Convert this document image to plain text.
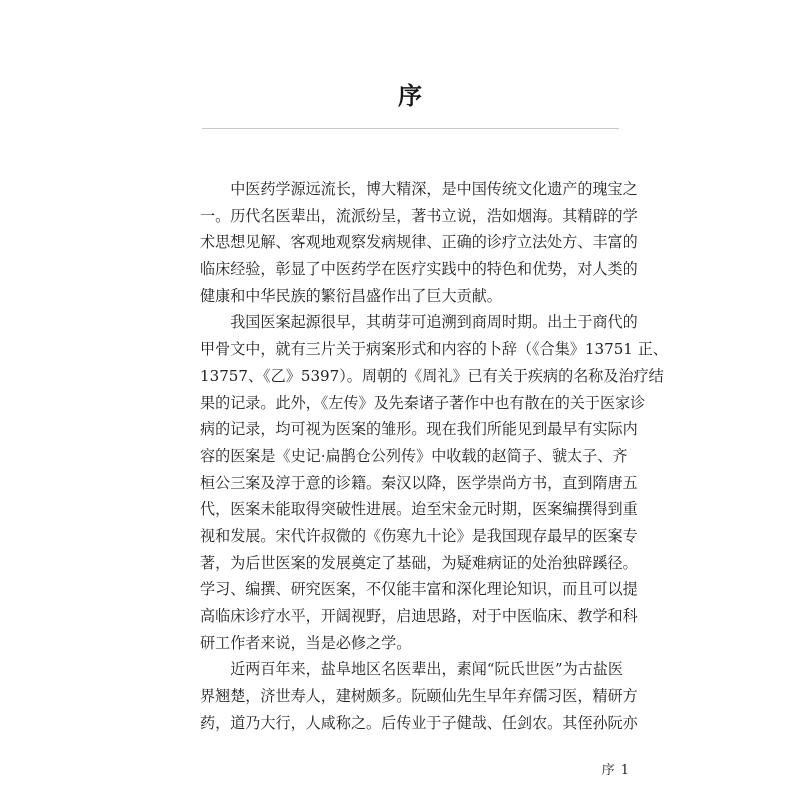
序
　　中医药学源远流长，博大精深，是中国传统文化遗产的瑰宝之
一。历代名医辈出，流派纷呈，著书立说，浩如烟海。其精辟的学
术思想见解、客观地观察发病规律、正确的诊疗立法处方、丰富的
临床经验，彰显了中医药学在医疗实践中的特色和优势，对人类的
健康和中华民族的繁衍昌盛作出了巨大贡献。
　　我国医案起源很早，其萌芽可追溯到商周时期。出土于商代的
甲骨文中，就有三片关于病案形式和内容的卜辞（《合集》13751 正、
13757、《乙》5397）。周朝的《周礼》已有关于疾病的名称及治疗结
果的记录。此外，《左传》及先秦诸子著作中也有散在的关于医家诊
病的记录，均可视为医案的雏形。现在我们所能见到最早有实际内
容的医案是《史记·扁鹊仓公列传》中收载的赵简子、虢太子、齐
桓公三案及淳于意的诊籍。秦汉以降，医学崇尚方书，直到隋唐五
代，医案未能取得突破性进展。迨至宋金元时期，医案编撰得到重
视和发展。宋代许叔微的《伤寒九十论》是我国现存最早的医案专
著，为后世医案的发展奠定了基础，为疑难病证的处治独辟蹊径。
学习、编撰、研究医案，不仅能丰富和深化理论知识，而且可以提
高临床诊疗水平，开阔视野，启迪思路，对于中医临床、教学和科
研工作者来说，当是必修之学。
　　近两百年来，盐阜地区名医辈出，素闻“阮氏世医”为古盐医
界翘楚，济世寿人，建树颇多。阮颐仙先生早年弃儒习医，精研方
药，道乃大行，人咸称之。后传业于子健哉、任剑农。其侄孙阮亦
序 1
